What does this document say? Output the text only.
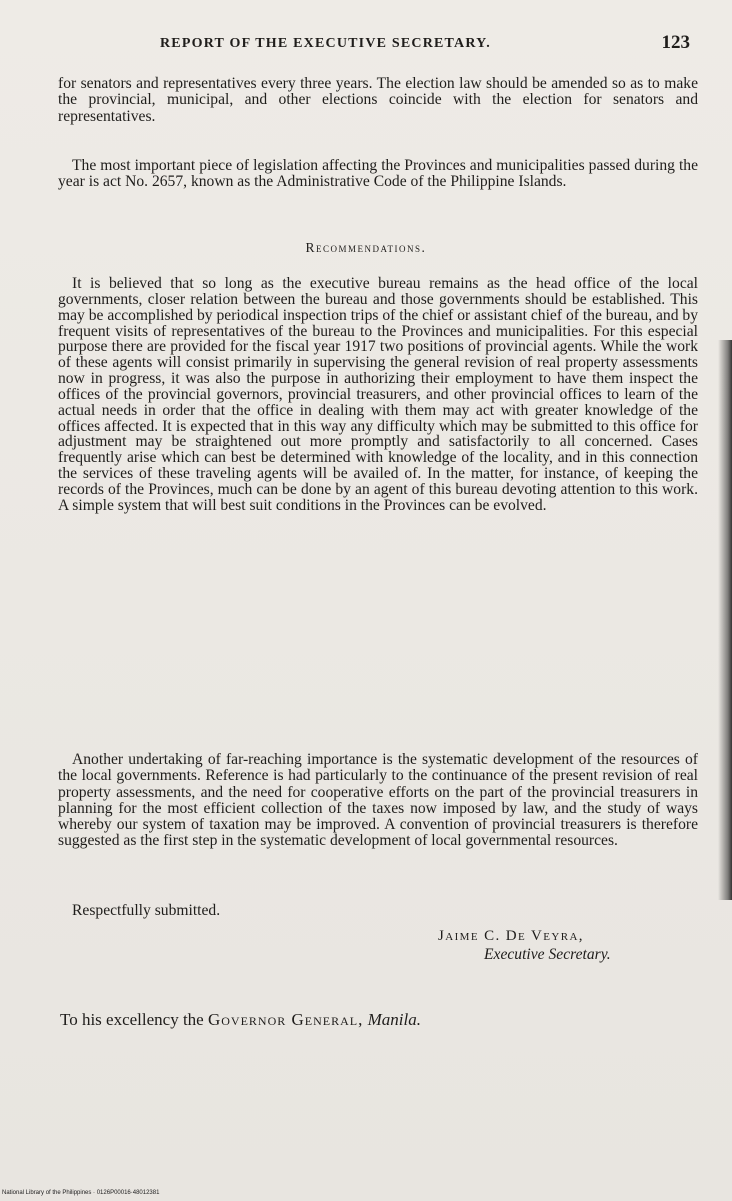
REPORT OF THE EXECUTIVE SECRETARY.	123

for senators and representatives every three years. The election law should be amended so as to make the provincial, municipal, and other elections coincide with the election for senators and representatives.

The most important piece of legislation affecting the Provinces and municipalities passed during the year is act No. 2657, known as the Administrative Code of the Philippine Islands.

Recommendations.

It is believed that so long as the executive bureau remains as the head office of the local governments, closer relation between the bureau and those governments should be established. This may be accomplished by periodical inspection trips of the chief or assistant chief of the bureau, and by frequent visits of representatives of the bureau to the Provinces and municipalities. For this especial purpose there are provided for the fiscal year 1917 two positions of provincial agents. While the work of these agents will consist primarily in supervising the general revision of real property assessments now in progress, it was also the purpose in authorizing their employment to have them inspect the offices of the provincial governors, provincial treasurers, and other provincial offices to learn of the actual needs in order that the office in dealing with them may act with greater knowledge of the offices affected. It is expected that in this way any difficulty which may be submitted to this office for adjustment may be straightened out more promptly and satisfactorily to all concerned. Cases frequently arise which can best be determined with knowledge of the locality, and in this connection the services of these traveling agents will be availed of. In the matter, for instance, of keeping the records of the Provinces, much can be done by an agent of this bureau devoting attention to this work. A simple system that will best suit conditions in the Provinces can be evolved.

Another undertaking of far-reaching importance is the systematic development of the resources of the local governments. Reference is had particularly to the continuance of the present revision of real property assessments, and the need for cooperative efforts on the part of the provincial treasurers in planning for the most efficient collection of the taxes now imposed by law, and the study of ways whereby our system of taxation may be improved. A convention of provincial treasurers is therefore suggested as the first step in the systematic development of local governmental resources.

Respectfully submitted.
Jaime C. De Veyra,
Executive Secretary.
To his excellency the Governor General, Manila.
National Library of the Philippines · 0126P00016·48012381
